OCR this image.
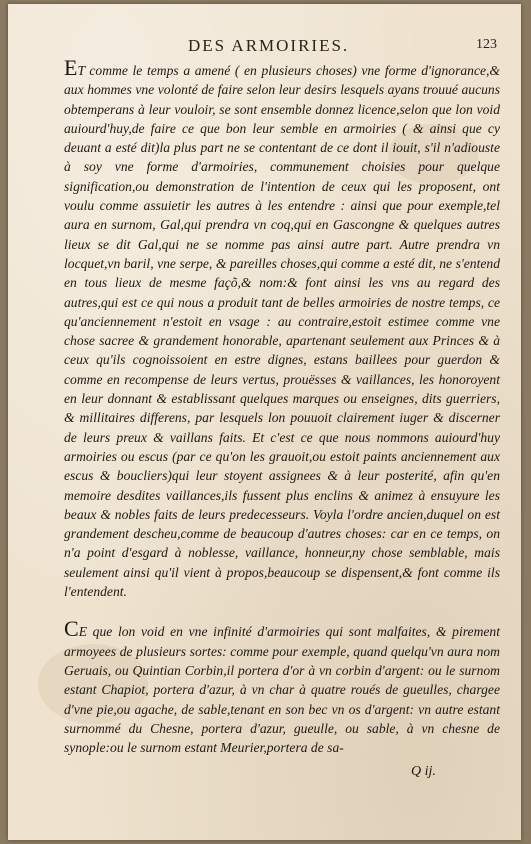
DES ARMOIRIES.	123

ET comme le temps a amené ( en plusieurs choses) vne forme d'ignorance,& aux hommes vne volonté de faire selon leur desirs lesquels ayans trouué aucuns obtemperans à leur vouloir, se sont ensemble donnez licence,selon que lon void auiourd'huy,de faire ce que bon leur semble en armoiries ( & ainsi que cy deuant a esté dit)la plus part ne se contentant de ce dont il iouit, s'il n'adiouste à soy vne forme d'armoiries, communement choisies pour quelque signification,ou demonstration de l'intention de ceux qui les proposent, ont voulu comme assuietir les autres à les entendre : ainsi que pour exemple,tel aura en surnom, Gal,qui prendra vn coq,qui en Gascongne & quelques autres lieux se dit Gal,qui ne se nomme pas ainsi autre part. Autre prendra vn locquet,vn baril, vne serpe, & pareilles choses,qui comme a esté dit, ne s'entend en tous lieux de mesme façõ,& nom:& font ainsi les vns au regard des autres,qui est ce qui nous a produit tant de belles armoiries de nostre temps, ce qu'anciennement n'estoit en vsage : au contraire,estoit estimee comme vne chose sacree & grandement honorable, apartenant seulement aux Princes & à ceux qu'ils cognoissoient en estre dignes, estans baillees pour guerdon & comme en recompense de leurs vertus, prouësses & vaillances, les honoroyent en leur donnant & establissant quelques marques ou enseignes, dits guerriers, & millitaires differens, par lesquels lon pouuoit clairement iuger & discerner de leurs preux & vaillans faits. Et c'est ce que nous nommons auiourd'huy armoiries ou escus (par ce qu'on les grauoit,ou estoit paints anciennement aux escus & boucliers)qui leur stoyent assignees & à leur posterité, afin qu'en memoire desdites vaillances,ils fussent plus enclins & animez à ensuyure les beaux & nobles faits de leurs predecesseurs. Voyla l'ordre ancien,duquel on est grandement descheu,comme de beaucoup d'autres choses: car en ce temps, on n'a point d'esgard à noblesse, vaillance, honneur,ny chose semblable, mais seulement ainsi qu'il vient à propos,beaucoup se dispensent,& font comme ils l'entendent.

CE que lon void en vne infinité d'armoiries qui sont malfaites, & pirement armoyees de plusieurs sortes: comme pour exemple, quand quelqu'vn aura nom Geruais, ou Quintian Corbin,il portera d'or à vn corbin d'argent: ou le surnom estant Chapiot, portera d'azur, à vn char à quatre roués de gueulles, chargee d'vne pie,ou agache, de sable,tenant en son bec vn os d'argent: vn autre estant surnommé du Chesne, portera d'azur, gueulle, ou sable, à vn chesne de synople:ou le surnom estant Meurier,portera de sa-

Q ij.
